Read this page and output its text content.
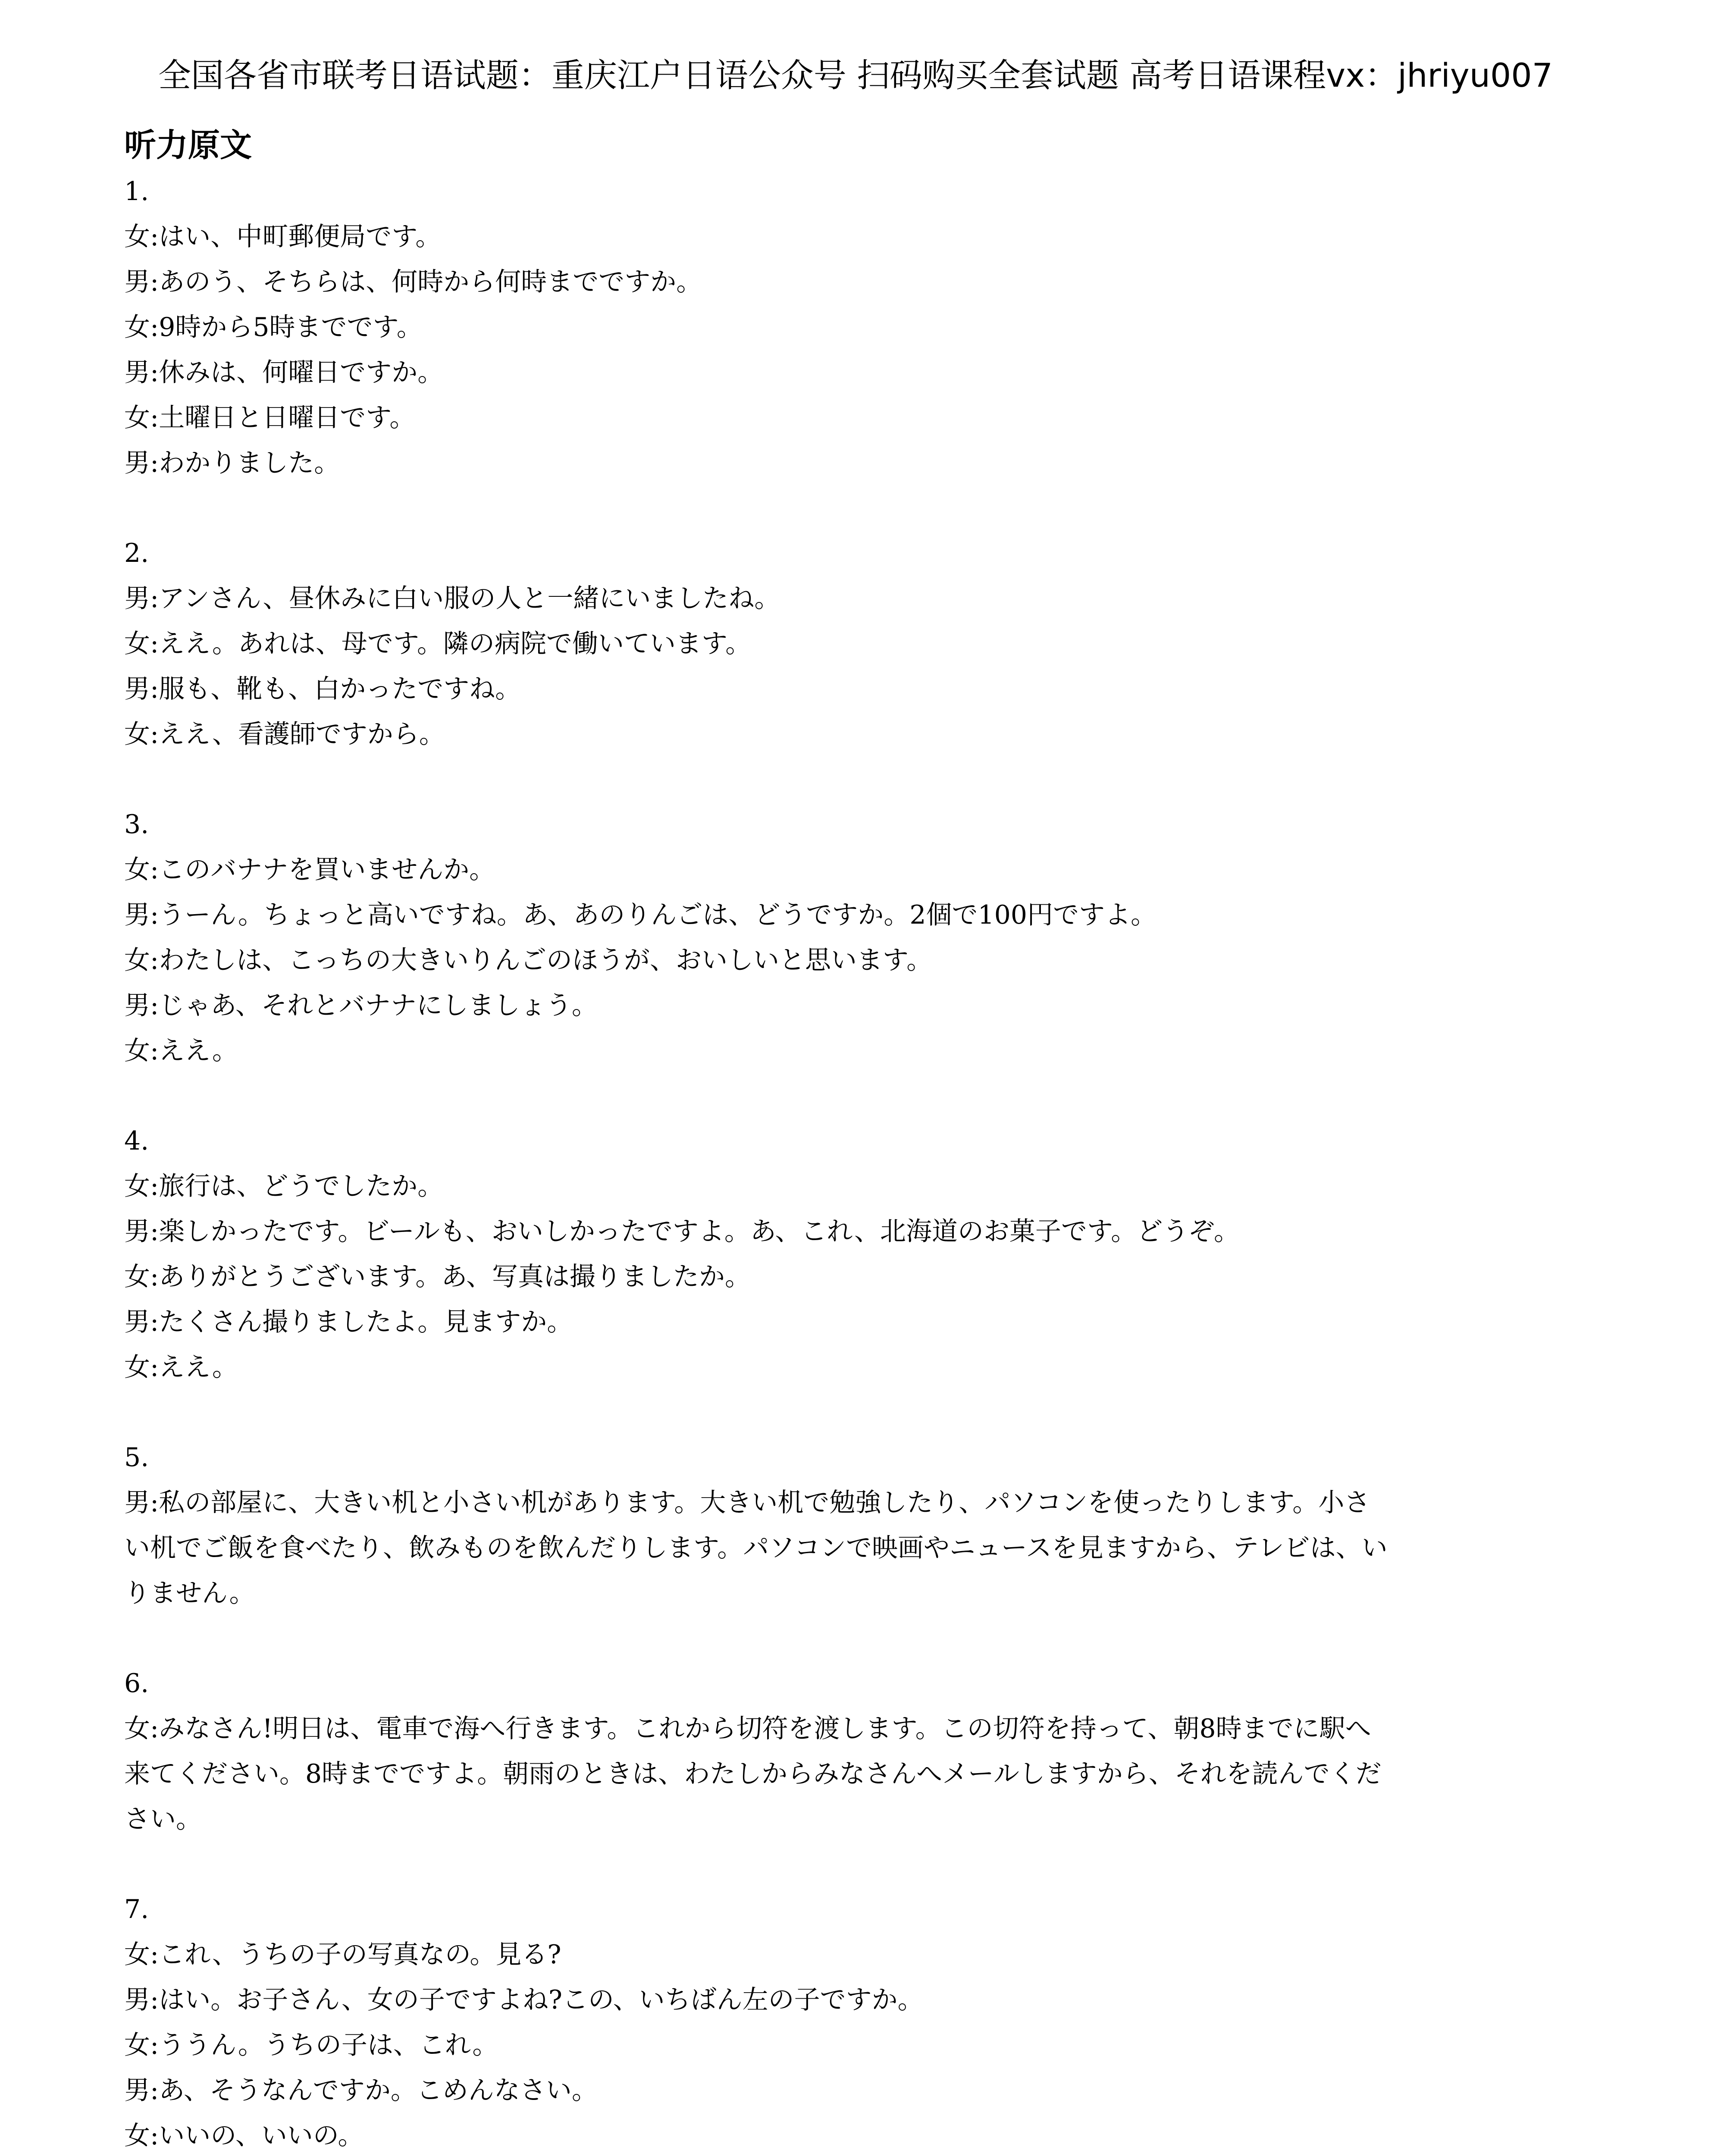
全国各省市联考日语试题：重庆江户日语公众号 扫码购买全套试题 高考日语课程vx：jhriyu007
听力原文
1.
女:はい、中町郵便局です。
男:あのう、そちらは、何時から何時までですか。
女:9時から5時までです。
男:休みは、何曜日ですか。
女:土曜日と日曜日です。
男:わかりました。
2.
男:アンさん、昼休みに白い服の人と一緒にいましたね。
女:ええ。あれは、母です。隣の病院で働いています。
男:服も、靴も、白かったですね。
女:ええ、看護師ですから。
3.
女:このバナナを買いませんか。
男:うーん。ちょっと高いですね。あ、あのりんごは、どうですか。2個で100円ですよ。
女:わたしは、こっちの大きいりんごのほうが、おいしいと思います。
男:じゃあ、それとバナナにしましょう。
女:ええ。
4.
女:旅行は、どうでしたか。
男:楽しかったです。ビールも、おいしかったですよ。あ、これ、北海道のお菓子です。どうぞ。
女:ありがとうございます。あ、写真は撮りましたか。
男:たくさん撮りましたよ。見ますか。
女:ええ。
5.
男:私の部屋に、大きい机と小さい机があります。大きい机で勉強したり、パソコンを使ったりします。小さ
い机でご飯を食べたり、飲みものを飲んだりします。パソコンで映画やニュースを見ますから、テレビは、い
りません。
6.
女:みなさん!明日は、電車で海へ行きます。これから切符を渡します。この切符を持って、朝8時までに駅へ
来てください。8時までですよ。朝雨のときは、わたしからみなさんへメールしますから、それを読んでくだ
さい。
7.
女:これ、うちの子の写真なの。見る?
男:はい。お子さん、女の子ですよね?この、いちばん左の子ですか。
女:ううん。うちの子は、これ。
男:あ、そうなんですか。こめんなさい。
女:いいの、いいの。
